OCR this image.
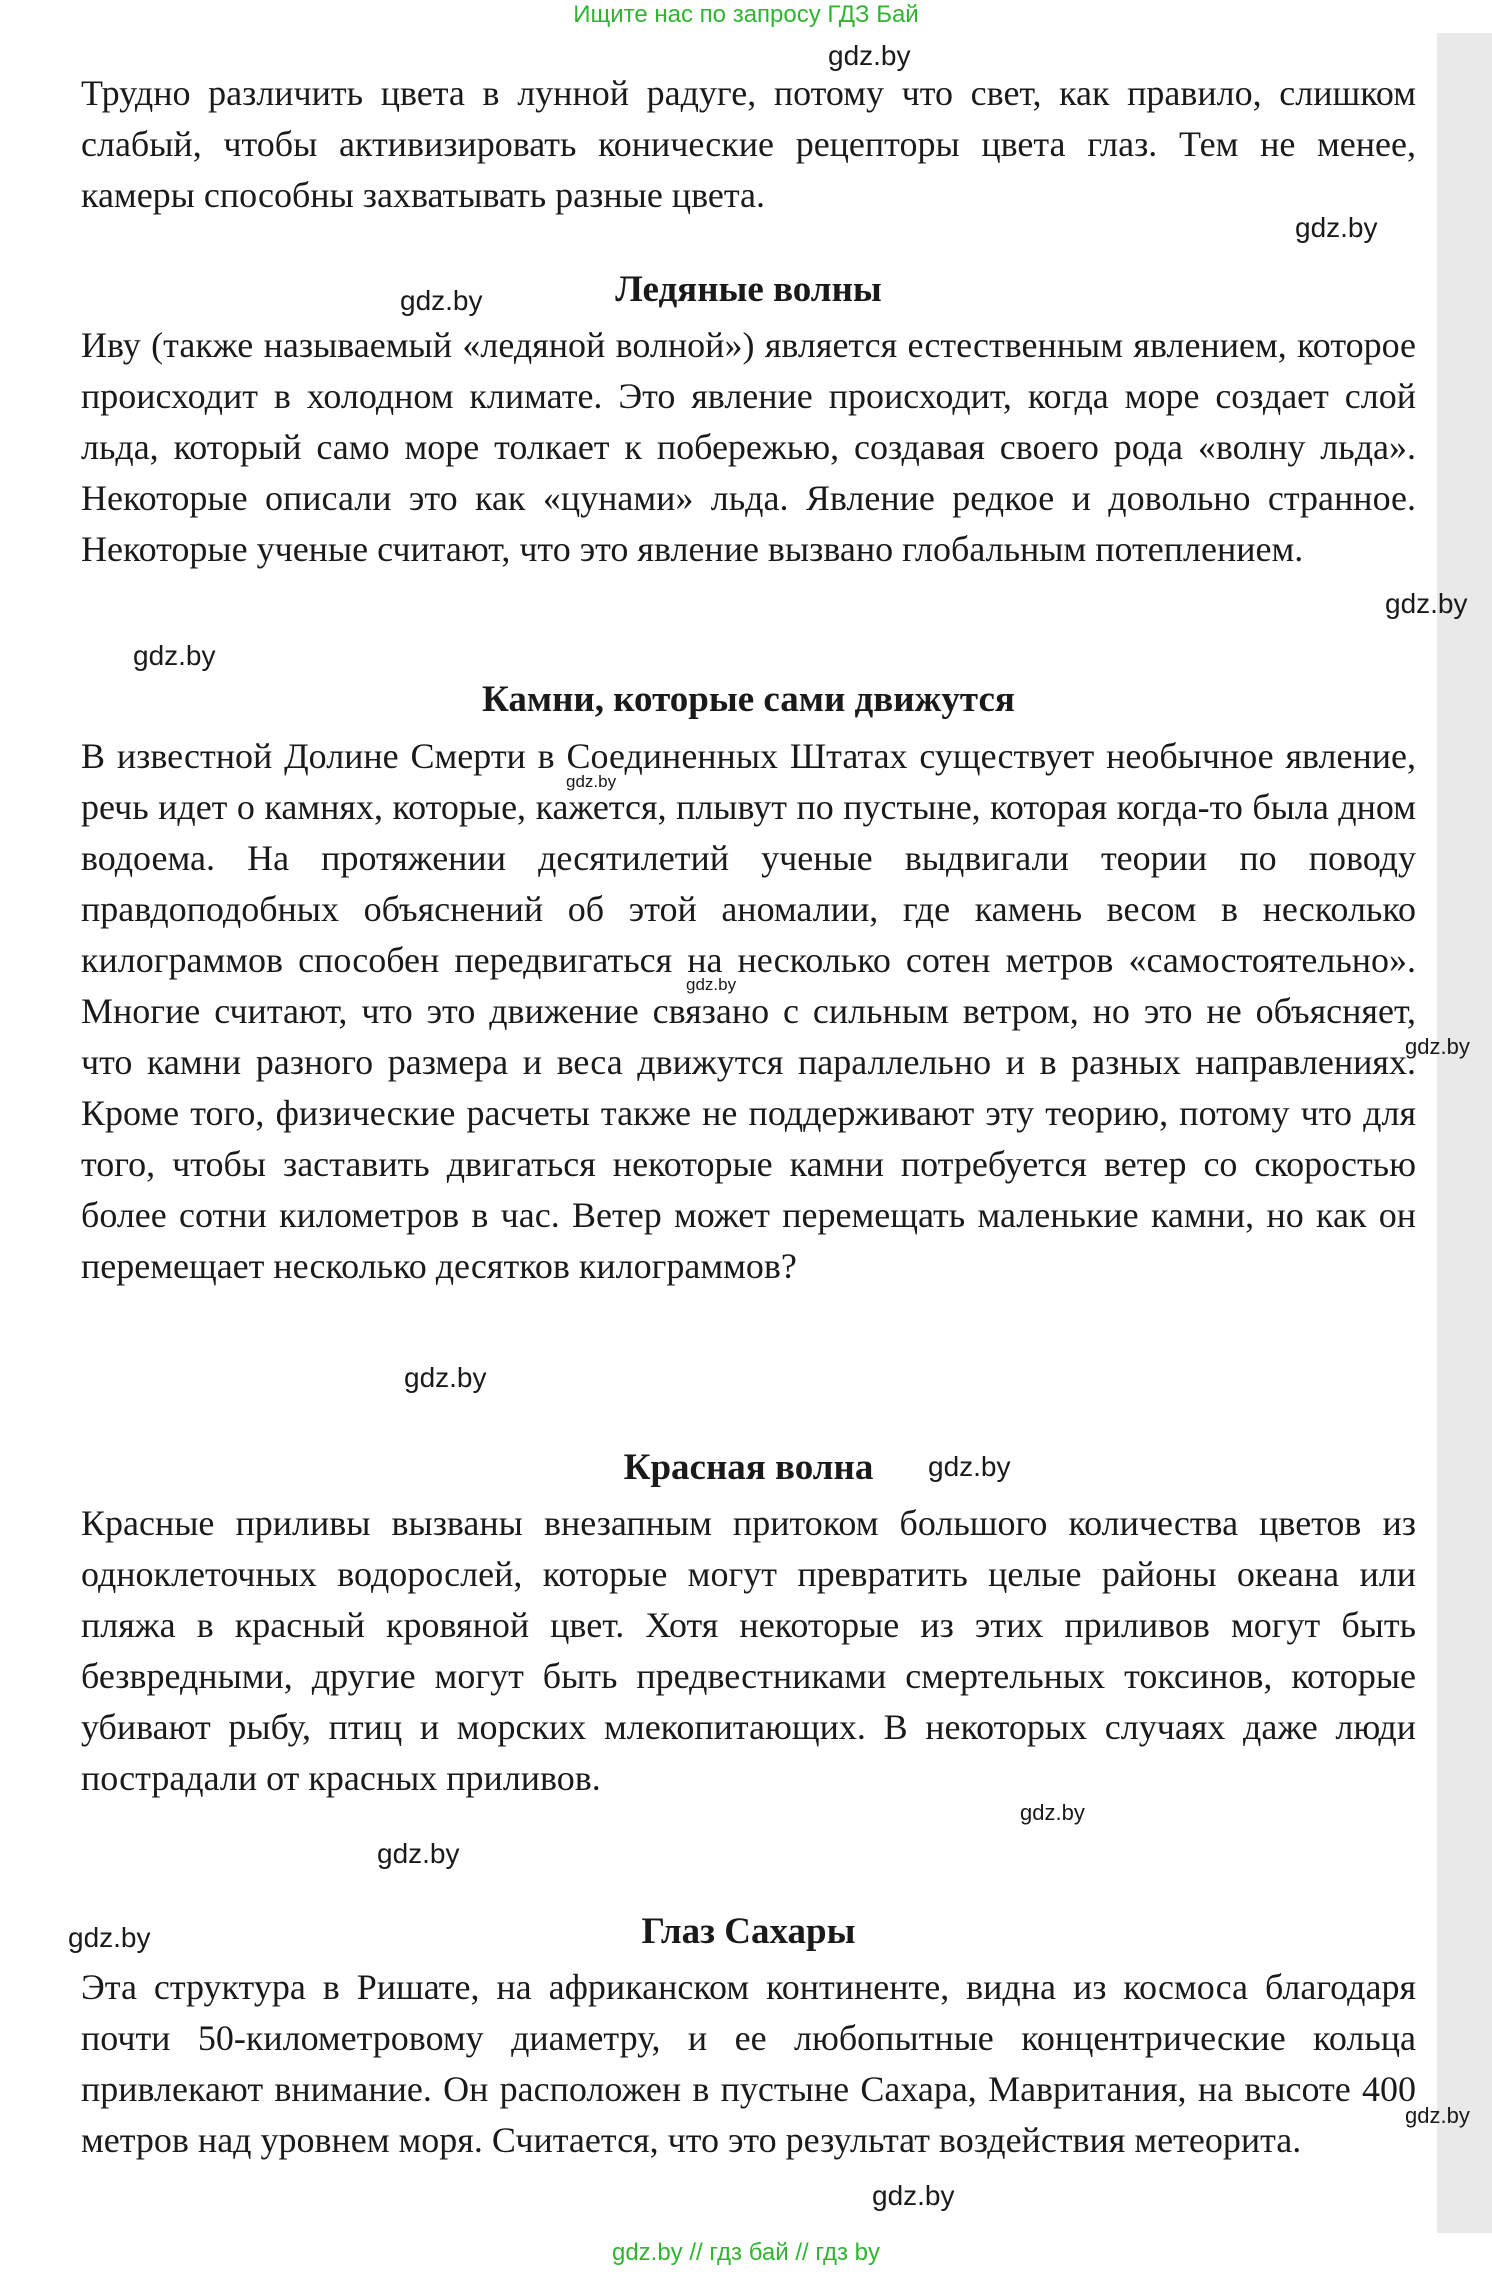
Ищите нас по запросу ГДЗ Бай

Трудно различить цвета в лунной радуге, потому что свет, как правило, слишком слабый, чтобы активизировать конические рецепторы цвета глаз. Тем не менее, камеры способны захватывать разные цвета.

Ледяные волны

Иву (также называемый «ледяной волной») является естественным явлением, которое происходит в холодном климате. Это явление происходит, когда море создает слой льда, который само море толкает к побережью, создавая своего рода «волну льда». Некоторые описали это как «цунами» льда. Явление редкое и довольно странное. Некоторые ученые считают, что это явление вызвано глобальным потеплением.

Камни, которые сами движутся

В известной Долине Смерти в Соединенных Штатах существует необычное явление, речь идет о камнях, которые, кажется, плывут по пустыне, которая когда-то была дном водоема. На протяжении десятилетий ученые выдвигали теории по поводу правдоподобных объяснений об этой аномалии, где камень весом в несколько килограммов способен передвигаться на несколько сотен метров «самостоятельно». Многие считают, что это движение связано с сильным ветром, но это не объясняет, что камни разного размера и веса движутся параллельно и в разных направлениях. Кроме того, физические расчеты также не поддерживают эту теорию, потому что для того, чтобы заставить двигаться некоторые камни потребуется ветер со скоростью более сотни километров в час. Ветер может перемещать маленькие камни, но как он перемещает несколько десятков килограммов?

Красная волна

Красные приливы вызваны внезапным притоком большого количества цветов из одноклеточных водорослей, которые могут превратить целые районы океана или пляжа в красный кровяной цвет. Хотя некоторые из этих приливов могут быть безвредными, другие могут быть предвестниками смертельных токсинов, которые убивают рыбу, птиц и морских млекопитающих. В некоторых случаях даже люди пострадали от красных приливов.

Глаз Сахары

Эта структура в Ришате, на африканском континенте, видна из космоса благодаря почти 50-километровому диаметру, и ее любопытные концентрические кольца привлекают внимание. Он расположен в пустыне Сахара, Мавритания, на высоте 400 метров над уровнем моря. Считается, что это результат воздействия метеорита.

gdz.by
gdz.by
gdz.by
gdz.by
gdz.by
gdz.by
gdz.by
gdz.by
gdz.by
gdz.by
gdz.by
gdz.by
gdz.by
gdz.by
gdz.by
gdz.by // гдз бай // гдз by
